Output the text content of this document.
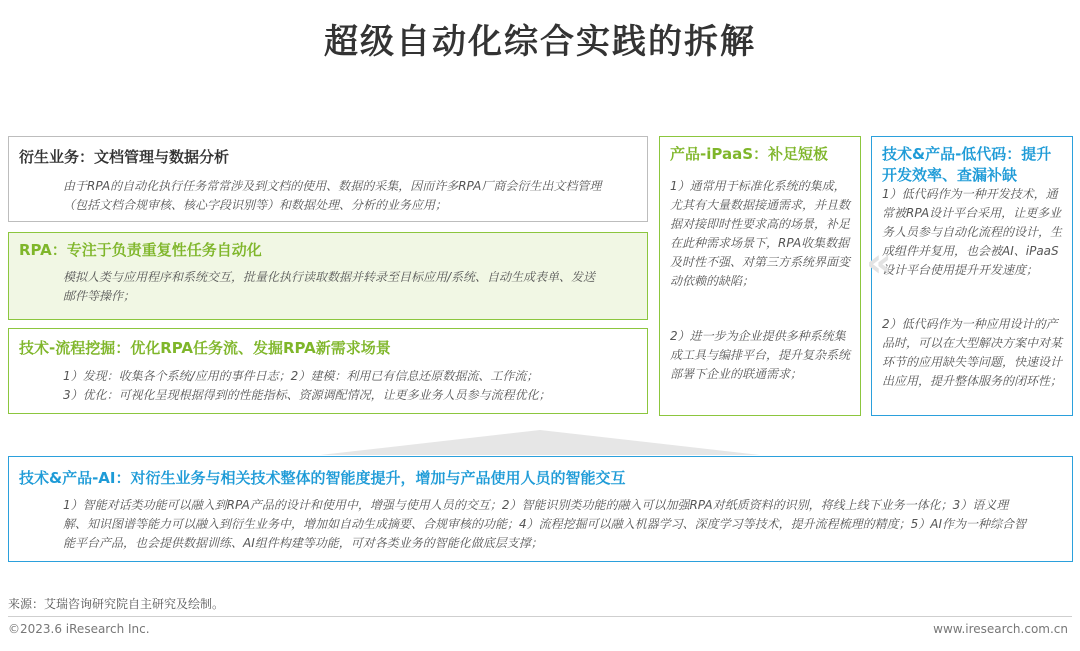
超级自动化综合实践的拆解
衍生业务：文档管理与数据分析
由于RPA的自动化执行任务常常涉及到文档的使用、数据的采集，因而许多RPA厂商会衍生出文档管理（包括文档合规审核、核心字段识别等）和数据处理、分析的业务应用；
RPA：专注于负责重复性任务自动化
模拟人类与应用程序和系统交互，批量化执行读取数据并转录至目标应用/系统、自动生成表单、发送邮件等操作；
技术-流程挖掘：优化RPA任务流、发掘RPA新需求场景
1）发现：收集各个系统/应用的事件日志；2）建模：利用已有信息还原数据流、工作流；
3）优化：可视化呈现根据得到的性能指标、资源调配情况，让更多业务人员参与流程优化；
产品-iPaaS：补足短板
1）通常用于标准化系统的集成，尤其有大量数据接通需求，并且数据对接即时性要求高的场景，补足在此种需求场景下，RPA收集数据及时性不强、对第三方系统界面变动依赖的缺陷；
2）进一步为企业提供多种系统集成工具与编排平台，提升复杂系统部署下企业的联通需求；
技术&产品-低代码：提升开发效率、查漏补缺
1）低代码作为一种开发技术，通常被RPA设计平台采用，让更多业务人员参与自动化流程的设计，生成组件并复用，也会被AI、iPaaS设计平台使用提升开发速度；
2）低代码作为一种应用设计的产品时，可以在大型解决方案中对某环节的应用缺失等问题，快速设计出应用，提升整体服务的闭环性；
«
技术&产品-AI：对衍生业务与相关技术整体的智能度提升，增加与产品使用人员的智能交互
1）智能对话类功能可以融入到RPA产品的设计和使用中，增强与使用人员的交互；2）智能识别类功能的融入可以加强RPA对纸质资料的识别，将线上线下业务一体化；3）语义理解、知识图谱等能力可以融入到衍生业务中，增加如自动生成摘要、合规审核的功能；4）流程挖掘可以融入机器学习、深度学习等技术，提升流程梳理的精度；5）AI作为一种综合智能平台产品，也会提供数据训练、AI组件构建等功能，可对各类业务的智能化做底层支撑；
来源：艾瑞咨询研究院自主研究及绘制。
©2023.6 iResearch Inc.	www.iresearch.com.cn
